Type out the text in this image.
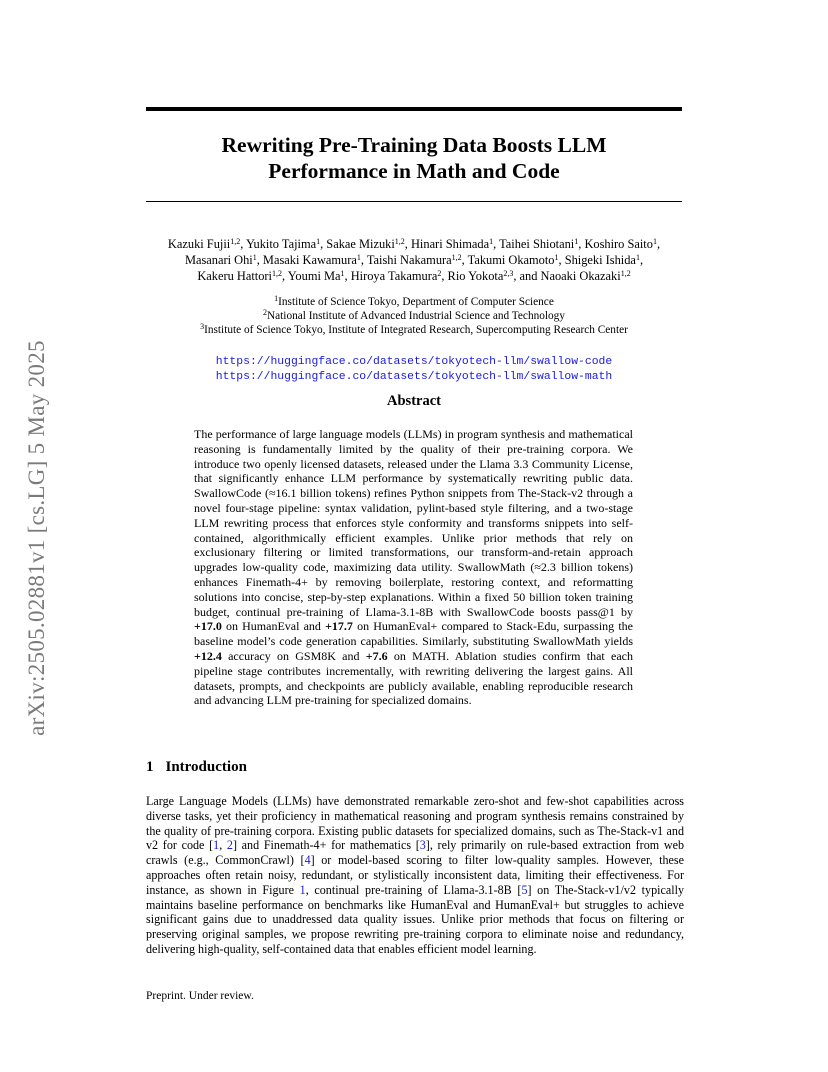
arXiv:2505.02881v1 [cs.LG] 5 May 2025
Rewriting Pre-Training Data Boosts LLM
Performance in Math and Code
Kazuki Fujii$^{1,2}$, Yukito Tajima$^1$, Sakae Mizuki$^{1,2}$, Hinari Shimada$^1$, Taihei Shiotani$^1$, Koshiro Saito$^1$,
Masanari Ohi$^1$, Masaki Kawamura$^1$, Taishi Nakamura$^{1,2}$, Takumi Okamoto$^1$, Shigeki Ishida$^1$,
Kakeru Hattori$^{1,2}$, Youmi Ma$^1$, Hiroya Takamura$^2$, Rio Yokota$^{2,3}$, and Naoaki Okazaki$^{1,2}$
$^1$Institute of Science Tokyo, Department of Computer Science
$^2$National Institute of Advanced Industrial Science and Technology
$^3$Institute of Science Tokyo, Institute of Integrated Research, Supercomputing Research Center
https://huggingface.co/datasets/tokyotech-llm/swallow-code
https://huggingface.co/datasets/tokyotech-llm/swallow-math
Abstract
The performance of large language models (LLMs) in program synthesis and mathematical reasoning is fundamentally limited by the quality of their pre-training corpora. We introduce two openly licensed datasets, released under the Llama 3.3 Community License, that significantly enhance LLM performance by systematically rewriting public data. SwallowCode (≈16.1 billion tokens) refines Python snippets from The-Stack-v2 through a novel four-stage pipeline: syntax validation, pylint-based style filtering, and a two-stage LLM rewriting process that enforces style conformity and transforms snippets into self-contained, algorithmically efficient examples. Unlike prior methods that rely on exclusionary filtering or limited transformations, our transform-and-retain approach upgrades low-quality code, maximizing data utility. SwallowMath (≈2.3 billion tokens) enhances Finemath-4+ by removing boilerplate, restoring context, and reformatting solutions into concise, step-by-step explanations. Within a fixed 50 billion token training budget, continual pre-training of Llama-3.1-8B with SwallowCode boosts pass@1 by +17.0 on HumanEval and +17.7 on HumanEval+ compared to Stack-Edu, surpassing the baseline model’s code generation capabilities. Similarly, substituting SwallowMath yields +12.4 accuracy on GSM8K and +7.6 on MATH. Ablation studies confirm that each pipeline stage contributes incrementally, with rewriting delivering the largest gains. All datasets, prompts, and checkpoints are publicly available, enabling reproducible research and advancing LLM pre-training for specialized domains.
1 Introduction
Large Language Models (LLMs) have demonstrated remarkable zero-shot and few-shot capabilities across diverse tasks, yet their proficiency in mathematical reasoning and program synthesis remains constrained by the quality of pre-training corpora. Existing public datasets for specialized domains, such as The-Stack-v1 and v2 for code [1, 2] and Finemath-4+ for mathematics [3], rely primarily on rule-based extraction from web crawls (e.g., CommonCrawl) [4] or model-based scoring to filter low-quality samples. However, these approaches often retain noisy, redundant, or stylistically inconsistent data, limiting their effectiveness. For instance, as shown in Figure 1, continual pre-training of Llama-3.1-8B [5] on The-Stack-v1/v2 typically maintains baseline performance on benchmarks like HumanEval and HumanEval+ but struggles to achieve significant gains due to unaddressed data quality issues. Unlike prior methods that focus on filtering or preserving original samples, we propose rewriting pre-training corpora to eliminate noise and redundancy, delivering high-quality, self-contained data that enables efficient model learning.
Preprint. Under review.
